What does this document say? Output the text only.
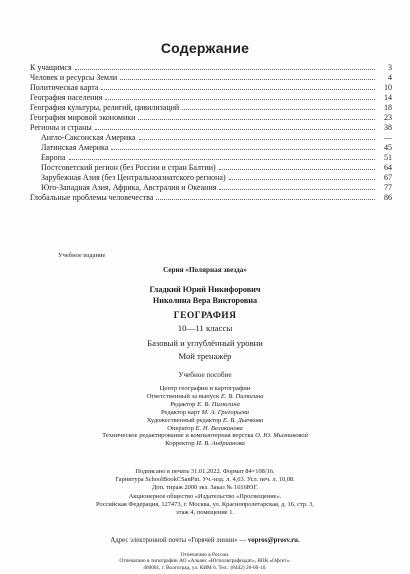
Содержание
К учащимся	3
Человек и ресурсы Земли	4
Политическая карта	10
География населения	14
География культуры, религий, цивилизаций	18
География мировой экономики	23
Регионы и страны	38
Англо-Саксонская Америка	—
Латинская Америка	45
Европа	51
Постсоветский регион (без России и стран Балтии)	64
Зарубежная Азия (без Центральноазиатского региона)	67
Юго-Западная Азия, Африка, Австралия и Океания	77
Глобальные проблемы человечества	86
Учебное издание
Серия «Полярная звезда»
Гладкий Юрий Никифорович
Николина Вера Викторовна
ГЕОГРАФИЯ
10—11 классы
Базовый и углублённый уровни
Мой тренажёр
Учебное пособие
Центр географии и картографии
Ответственный за выпуск Е. В. Пилюгина
Редактор Е. В. Пилюгина
Редактор карт М. А. Григорьева
Художественный редактор Е. В. Дьячкова
Оператор Е. Н. Великанова
Техническое редактирование и компьютерная верстка О. Ю. Мызниковой
Корректор И. В. Андрианова
Подписано в печать 31.01.2022. Формат 84×108/16.
Гарнитура SchoolBookCSanPin. Уч.-изд. л. 4,63. Усл. печ. л. 10,08.
Доп. тираж 2000 экз. Заказ № 1616ЮГ.
Акционерное общество «Издательство «Просвещение».
Российская Федерация, 127473, г. Москва, ул. Краснопролетарская, д. 16, стр. 3,
этаж 4, помещение 1.
Адрес электронной почты «Горячей линии» — vopros@prosv.ru.
Отпечатано в России.
Отпечатано в типографии АО «Альянс «Югполиграфиздат», ВПК «Офсет».
400001, г. Волгоград, ул. КИМ 6. Тел.: (8442) 26-60-10.
